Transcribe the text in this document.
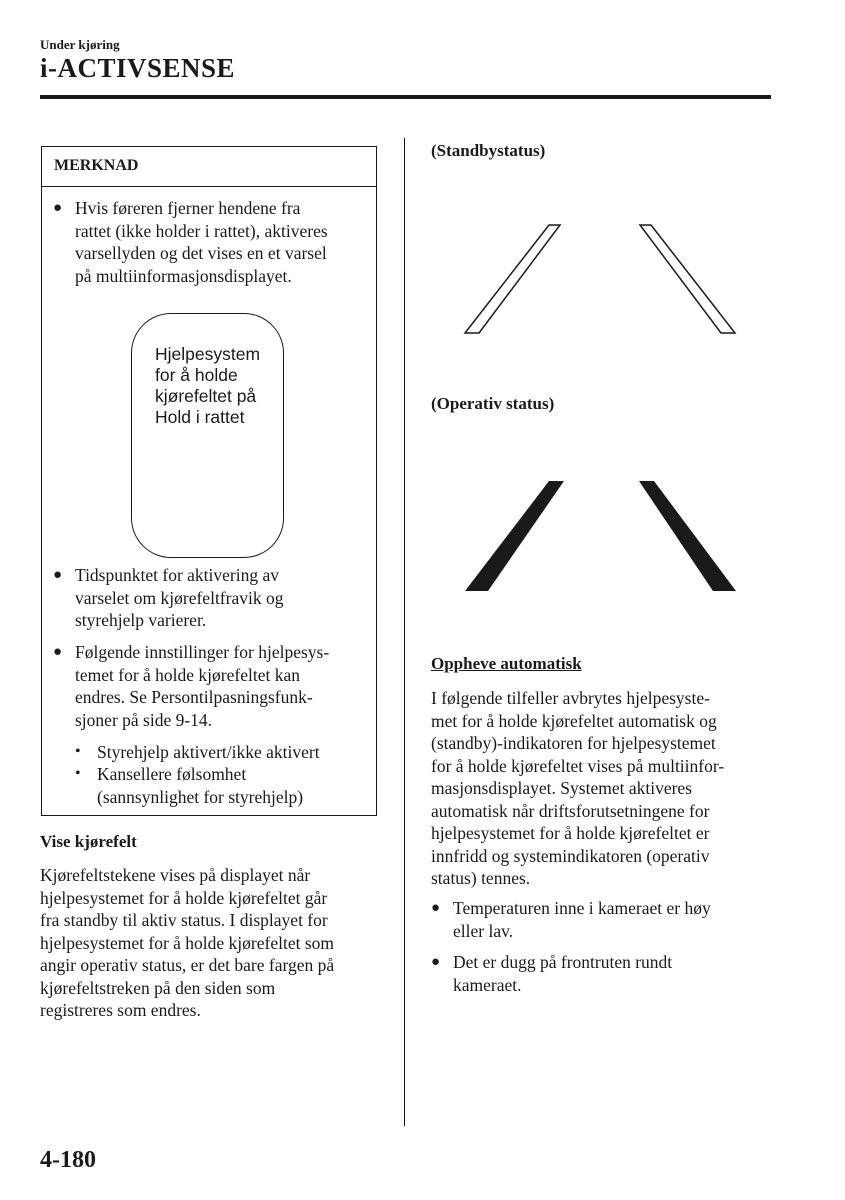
Under kjøring
i-ACTIVSENSE
MERKNAD
● Hvis føreren fjerner hendene fra
rattet (ikke holder i rattet), aktiveres
varsellyden og det vises en et varsel
på multiinformasjonsdisplayet.
● Tidspunktet for aktivering av
varselet om kjørefeltfravik og
styrehjelp varierer.
● Følgende innstillinger for hjelpesys-
temet for å holde kjørefeltet kan
endres. Se Persontilpasningsfunk-
sjoner på side 9-14.
• Styrehjelp aktivert/ikke aktivert
• Kansellere følsomhet
(sannsynlighet for styrehjelp)
Hjelpesystem
for å holde
kjørefeltet på
Hold i rattet
Vise kjørefelt
Kjørefeltstekene vises på displayet når
hjelpesystemet for å holde kjørefeltet går
fra standby til aktiv status. I displayet for
hjelpesystemet for å holde kjørefeltet som
angir operativ status, er det bare fargen på
kjørefeltstreken på den siden som
registreres som endres.
(Standbystatus)
(Operativ status)
Oppheve automatisk
I følgende tilfeller avbrytes hjelpesyste-
met for å holde kjørefeltet automatisk og
(standby)-indikatoren for hjelpesystemet
for å holde kjørefeltet vises på multiinfor-
masjonsdisplayet. Systemet aktiveres
automatisk når driftsforutsetningene for
hjelpesystemet for å holde kjørefeltet er
innfridd og systemindikatoren (operativ
status) tennes.
● Temperaturen inne i kameraet er høy
eller lav.
● Det er dugg på frontruten rundt
kameraet.
4-180
